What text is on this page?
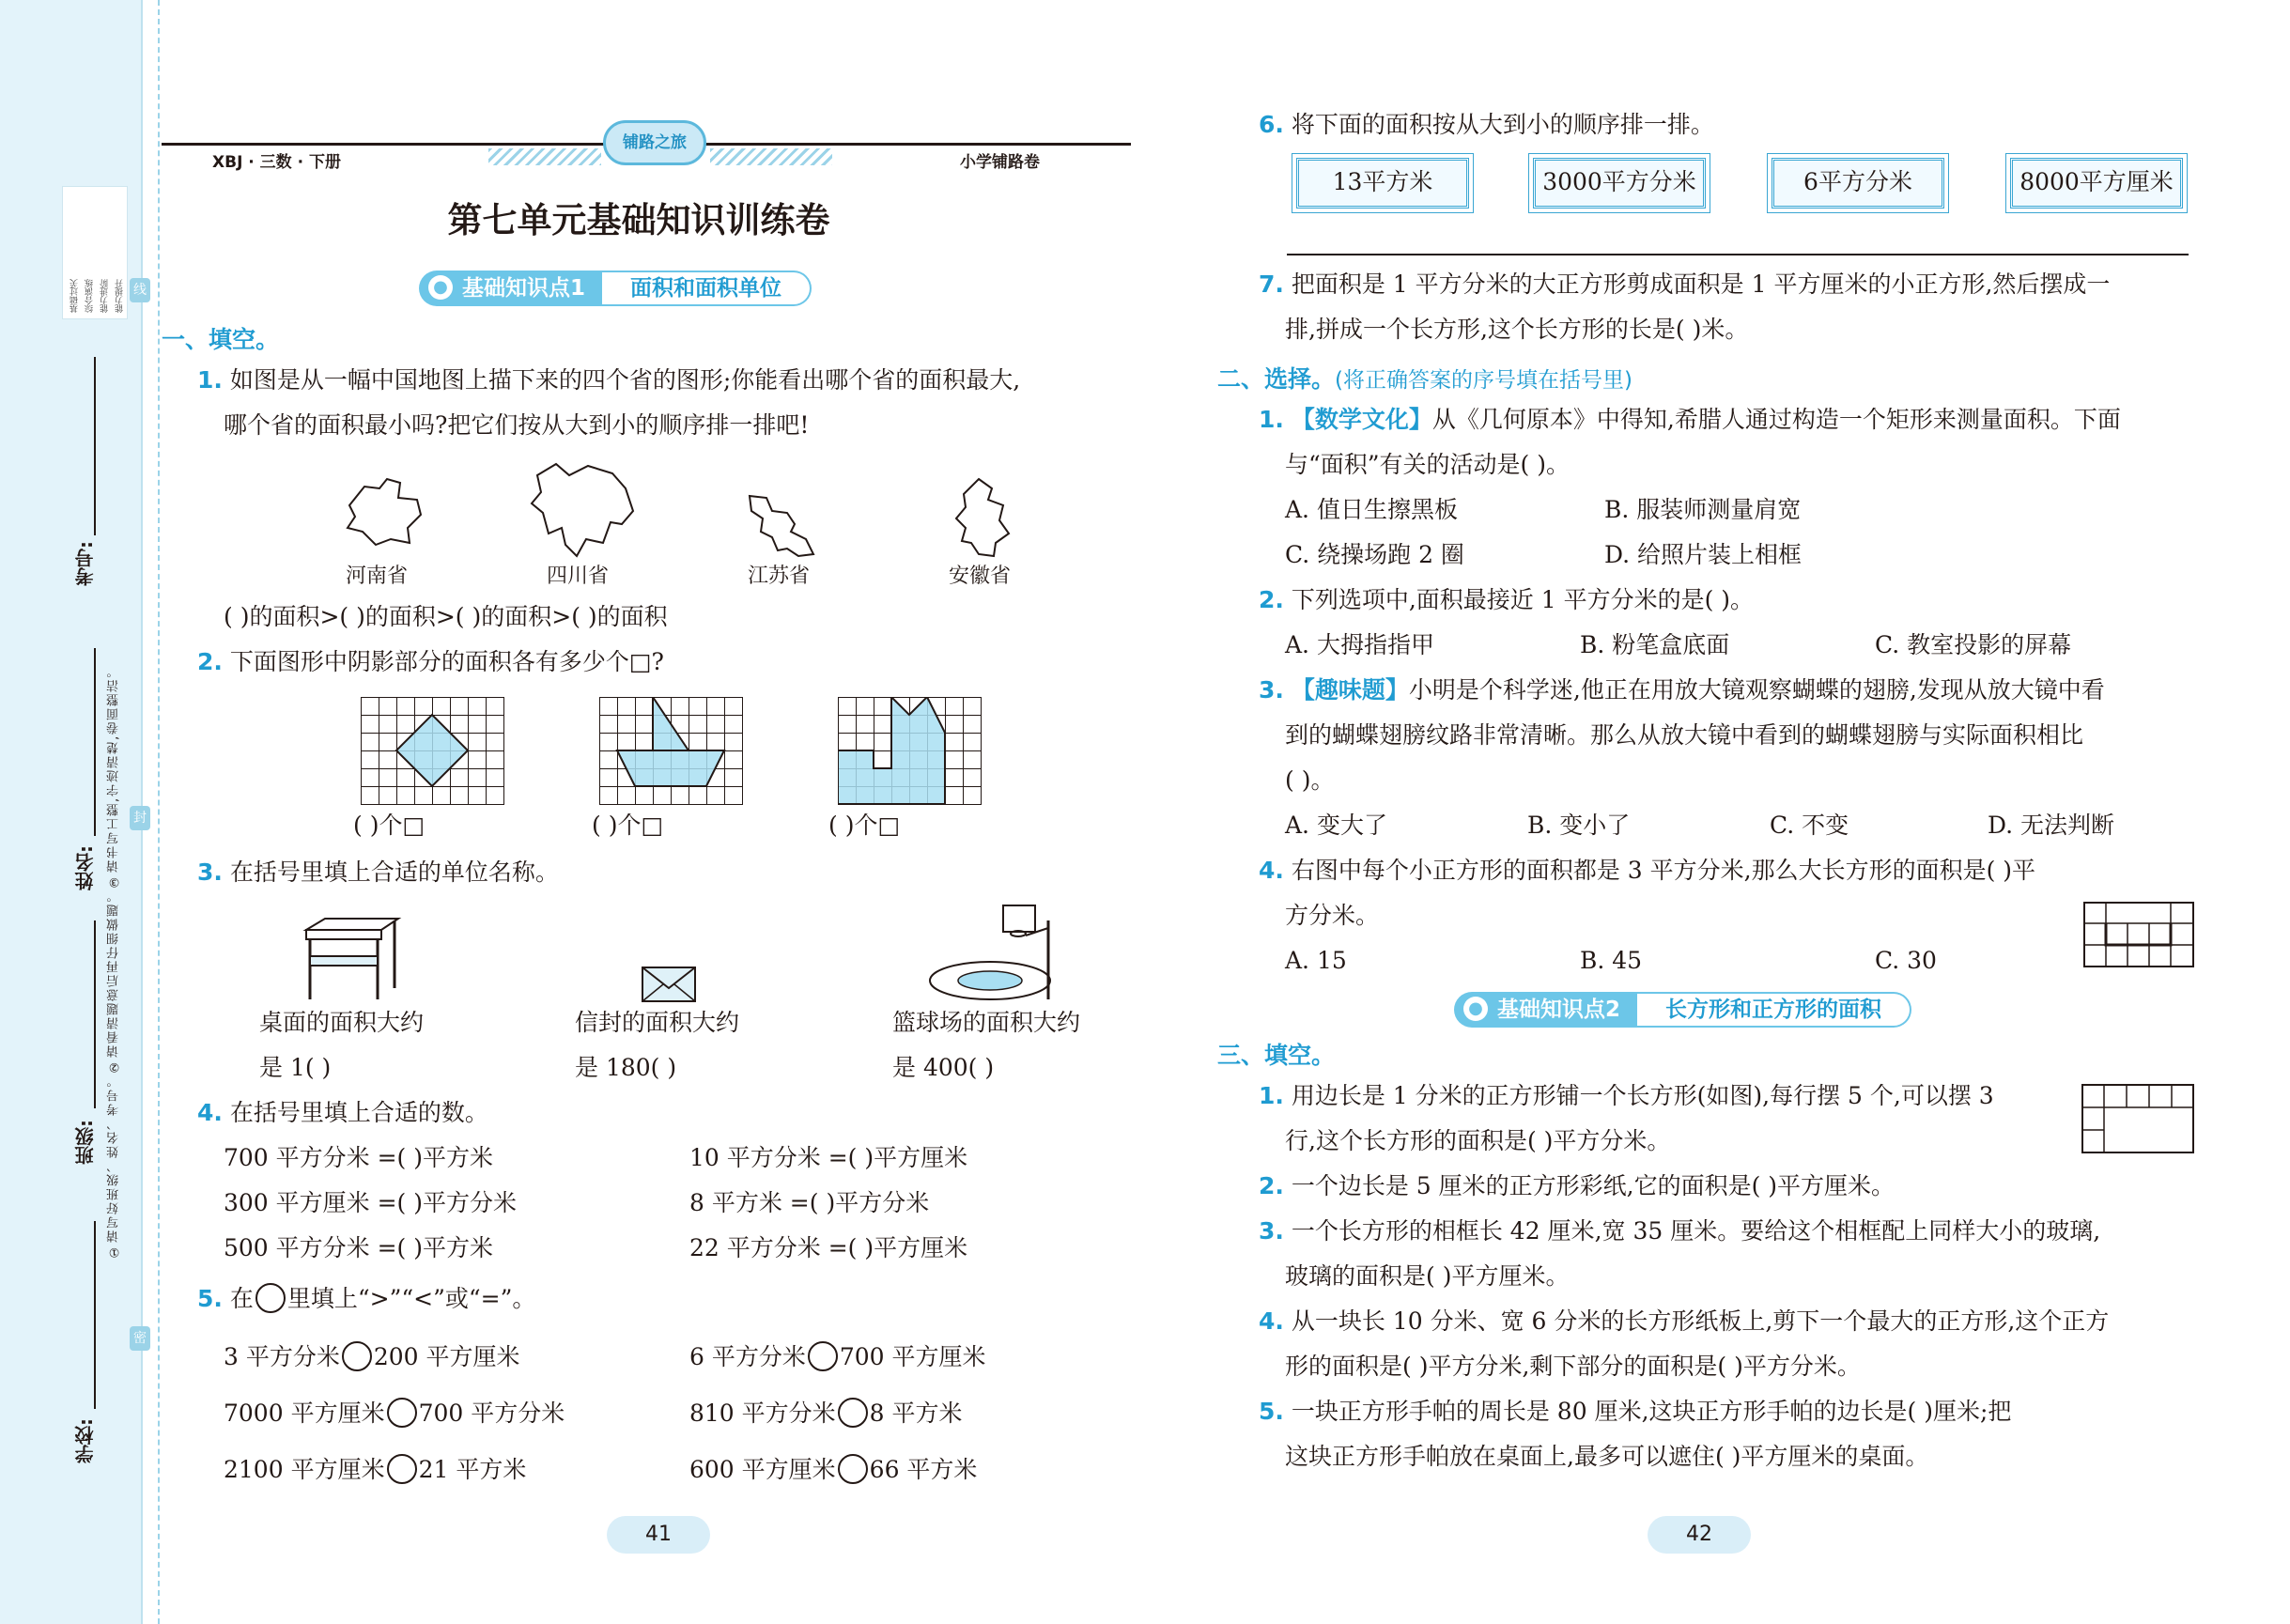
基础过关 综合演练 能力进阶 能力提升
学校:
班级:
姓名:
考号:
①请写好班级、姓名、考号。②请看清题意后再仔细做题。③请书写工整,字迹清楚,卷面整洁。
线
封
密
XBJ · 三数 · 下册	小学铺路卷
铺路之旅
第七单元基础知识训练卷
● 基础知识点1	面积和面积单位
一、填空。
1. 如图是从一幅中国地图上描下来的四个省的图形;你能看出哪个省的面积最大,
哪个省的面积最小吗?把它们按从大到小的顺序排一排吧!
河南省	四川省	江苏省	安徽省
( )的面积>( )的面积>( )的面积>( )的面积
2. 下面图形中阴影部分的面积各有多少个□?
( )个□	( )个□	( )个□
3. 在括号里填上合适的单位名称。
桌面的面积大约
是 1( )
信封的面积大约
是 180( )
篮球场的面积大约
是 400( )
4. 在括号里填上合适的数。
700 平方分米 =( )平方米	10 平方分米 =( )平方厘米
300 平方厘米 =( )平方分米	8 平方米 =( )平方分米
500 平方分米 =( )平方米	22 平方分米 =( )平方厘米
5. 在 里填上“>”“<”或“=”。
3 平方分米 200 平方厘米	6 平方分米 700 平方厘米
7000 平方厘米 700 平方分米	810 平方分米 8 平方米
2100 平方厘米 21 平方米	600 平方厘米 66 平方米
41
6. 将下面的面积按从大到小的顺序排一排。
13平方米	3000平方分米	6平方分米	8000平方厘米
7. 把面积是 1 平方分米的大正方形剪成面积是 1 平方厘米的小正方形,然后摆成一
排,拼成一个长方形,这个长方形的长是( )米。
二、选择。(将正确答案的序号填在括号里)
1. 【数学文化】从《几何原本》中得知,希腊人通过构造一个矩形来测量面积。下面
与“面积”有关的活动是( )。
A. 值日生擦黑板	B. 服装师测量肩宽
C. 绕操场跑 2 圈	D. 给照片装上相框
2. 下列选项中,面积最接近 1 平方分米的是( )。
A. 大拇指指甲	B. 粉笔盒底面	C. 教室投影的屏幕
3. 【趣味题】小明是个科学迷,他正在用放大镜观察蝴蝶的翅膀,发现从放大镜中看
到的蝴蝶翅膀纹路非常清晰。那么从放大镜中看到的蝴蝶翅膀与实际面积相比
( )。
A. 变大了	B. 变小了	C. 不变	D. 无法判断
4. 右图中每个小正方形的面积都是 3 平方分米,那么大长方形的面积是( )平
方分米。
A. 15	B. 45	C. 30
● 基础知识点2	长方形和正方形的面积
三、填空。
1. 用边长是 1 分米的正方形铺一个长方形(如图),每行摆 5 个,可以摆 3
行,这个长方形的面积是( )平方分米。
2. 一个边长是 5 厘米的正方形彩纸,它的面积是( )平方厘米。
3. 一个长方形的相框长 42 厘米,宽 35 厘米。要给这个相框配上同样大小的玻璃,
玻璃的面积是( )平方厘米。
4. 从一块长 10 分米、宽 6 分米的长方形纸板上,剪下一个最大的正方形,这个正方
形的面积是( )平方分米,剩下部分的面积是( )平方分米。
5. 一块正方形手帕的周长是 80 厘米,这块正方形手帕的边长是( )厘米;把
这块正方形手帕放在桌面上,最多可以遮住( )平方厘米的桌面。
42
